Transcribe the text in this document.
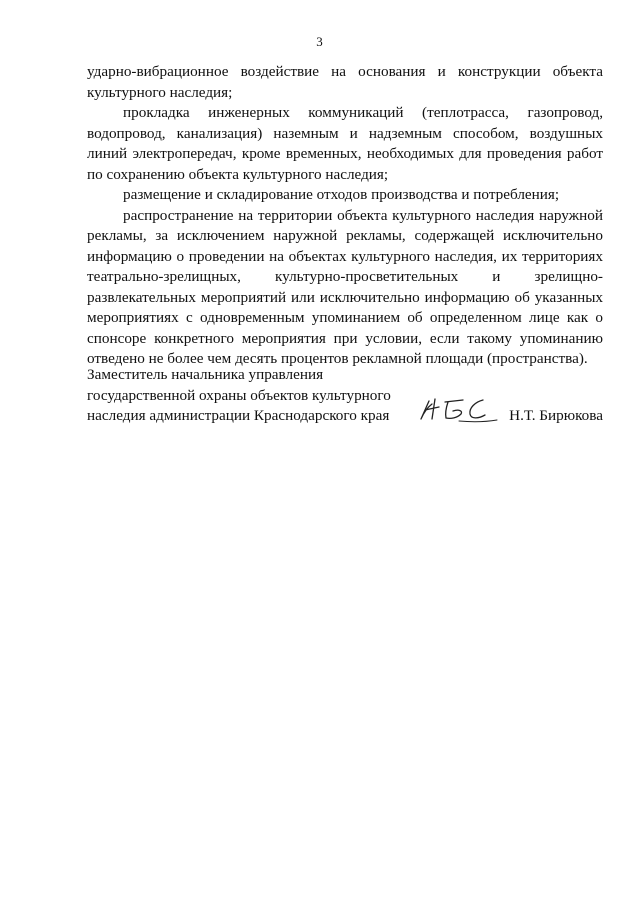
3

ударно-вибрационное воздействие на основания и конструкции объекта культурного наследия;

прокладка инженерных коммуникаций (теплотрасса, газопровод, водопровод, канализация) наземным и надземным способом, воздушных линий электропередач, кроме временных, необходимых для проведения работ по сохранению объекта культурного наследия;

размещение и складирование отходов производства и потребления;

распространение на территории объекта культурного наследия наружной рекламы, за исключением наружной рекламы, содержащей исключительно информацию о проведении на объектах культурного наследия, их территориях театрально-зрелищных, культурно-просветительных и зрелищно-развлекательных мероприятий или исключительно информацию об указанных мероприятиях с одновременным упоминанием об определенном лице как о спонсоре конкретного мероприятия при условии, если такому упоминанию отведено не более чем десять процентов рекламной площади (пространства).

Заместитель начальника управления
государственной охраны объектов культурного
наследия администрации Краснодарского края	Н.Т. Бирюкова
